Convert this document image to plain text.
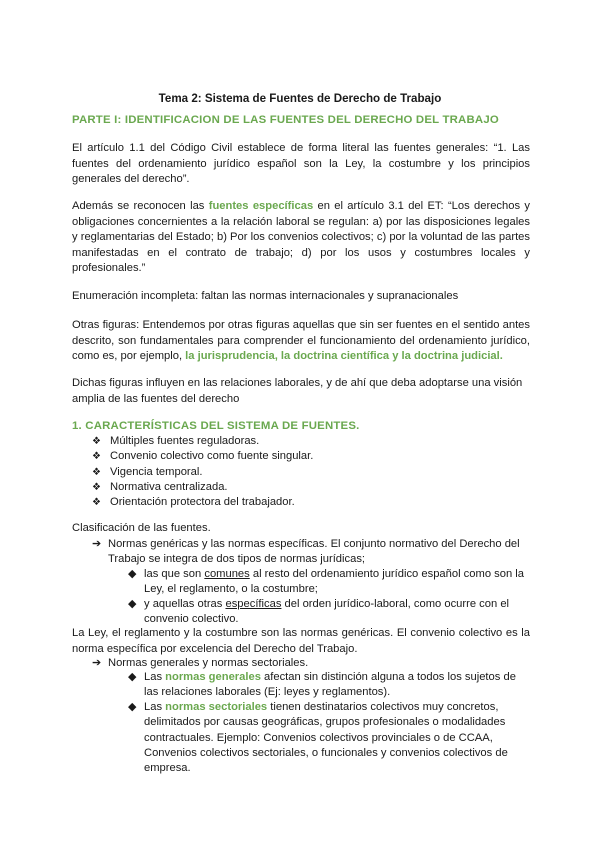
Tema 2: Sistema de Fuentes de Derecho de Trabajo
PARTE I: IDENTIFICACION DE LAS FUENTES DEL DERECHO DEL TRABAJO
El artículo 1.1 del Código Civil establece de forma literal las fuentes generales: “1. Las fuentes del ordenamiento jurídico español son la Ley, la costumbre y los principios generales del derecho”.
Además se reconocen las fuentes específicas en el artículo 3.1 del ET: “Los derechos y obligaciones concernientes a la relación laboral se regulan: a) por las disposiciones legales y reglamentarias del Estado; b) Por los convenios colectivos; c) por la voluntad de las partes manifestadas en el contrato de trabajo; d) por los usos y costumbres locales y profesionales.”
Enumeración incompleta: faltan las normas internacionales y supranacionales
Otras figuras: Entendemos por otras figuras aquellas que sin ser fuentes en el sentido antes descrito, son fundamentales para comprender el funcionamiento del ordenamiento jurídico, como es, por ejemplo, la jurisprudencia, la doctrina científica y la doctrina judicial.
Dichas figuras influyen en las relaciones laborales, y de ahí que deba adoptarse una visión amplia de las fuentes del derecho
1. CARACTERÍSTICAS DEL SISTEMA DE FUENTES.
❖ Múltiples fuentes reguladoras.
❖ Convenio colectivo como fuente singular.
❖ Vigencia temporal.
❖ Normativa centralizada.
❖ Orientación protectora del trabajador.
Clasificación de las fuentes.
➔ Normas genéricas y las normas específicas. El conjunto normativo del Derecho del Trabajo se integra de dos tipos de normas jurídicas;
◆ las que son comunes al resto del ordenamiento jurídico español como son la Ley, el reglamento, o la costumbre;
◆ y aquellas otras específicas del orden jurídico-laboral, como ocurre con el convenio colectivo.
La Ley, el reglamento y la costumbre son las normas genéricas. El convenio colectivo es la norma específica por excelencia del Derecho del Trabajo.
➔ Normas generales y normas sectoriales.
◆ Las normas generales afectan sin distinción alguna a todos los sujetos de las relaciones laborales (Ej: leyes y reglamentos).
◆ Las normas sectoriales tienen destinatarios colectivos muy concretos, delimitados por causas geográficas, grupos profesionales o modalidades contractuales. Ejemplo: Convenios colectivos provinciales o de CCAA, Convenios colectivos sectoriales, o funcionales y convenios colectivos de empresa.
